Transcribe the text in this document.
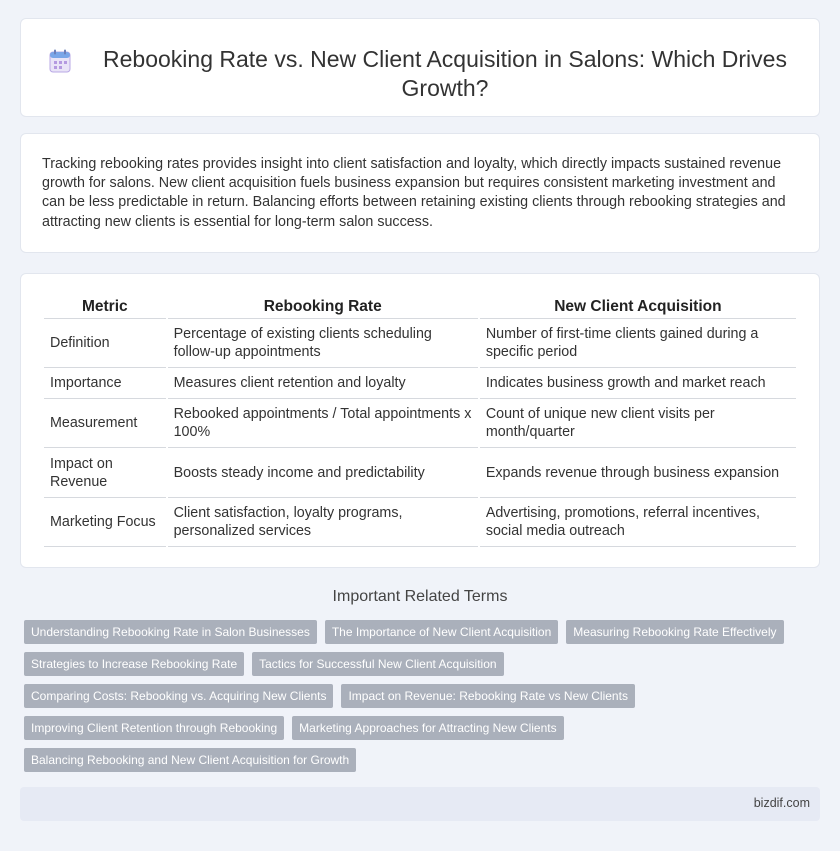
Rebooking Rate vs. New Client Acquisition in Salons: Which Drives Growth?

Tracking rebooking rates provides insight into client satisfaction and loyalty, which directly impacts sustained revenue growth for salons. New client acquisition fuels business expansion but requires consistent marketing investment and can be less predictable in return. Balancing efforts between retaining existing clients through rebooking strategies and attracting new clients is essential for long-term salon success.

Metric	Rebooking Rate	New Client Acquisition
Definition	Percentage of existing clients scheduling follow-up appointments	Number of first-time clients gained during a specific period
Importance	Measures client retention and loyalty	Indicates business growth and market reach
Measurement	Rebooked appointments / Total appointments x 100%	Count of unique new client visits per month/quarter
Impact on Revenue	Boosts steady income and predictability	Expands revenue through business expansion
Marketing Focus	Client satisfaction, loyalty programs, personalized services	Advertising, promotions, referral incentives, social media outreach
Important Related Terms
Understanding Rebooking Rate in Salon Businesses	The Importance of New Client Acquisition	Measuring Rebooking Rate Effectively
Strategies to Increase Rebooking Rate	Tactics for Successful New Client Acquisition
Comparing Costs: Rebooking vs. Acquiring New Clients	Impact on Revenue: Rebooking Rate vs New Clients
Improving Client Retention through Rebooking	Marketing Approaches for Attracting New Clients
Balancing Rebooking and New Client Acquisition for Growth
bizdif.com
